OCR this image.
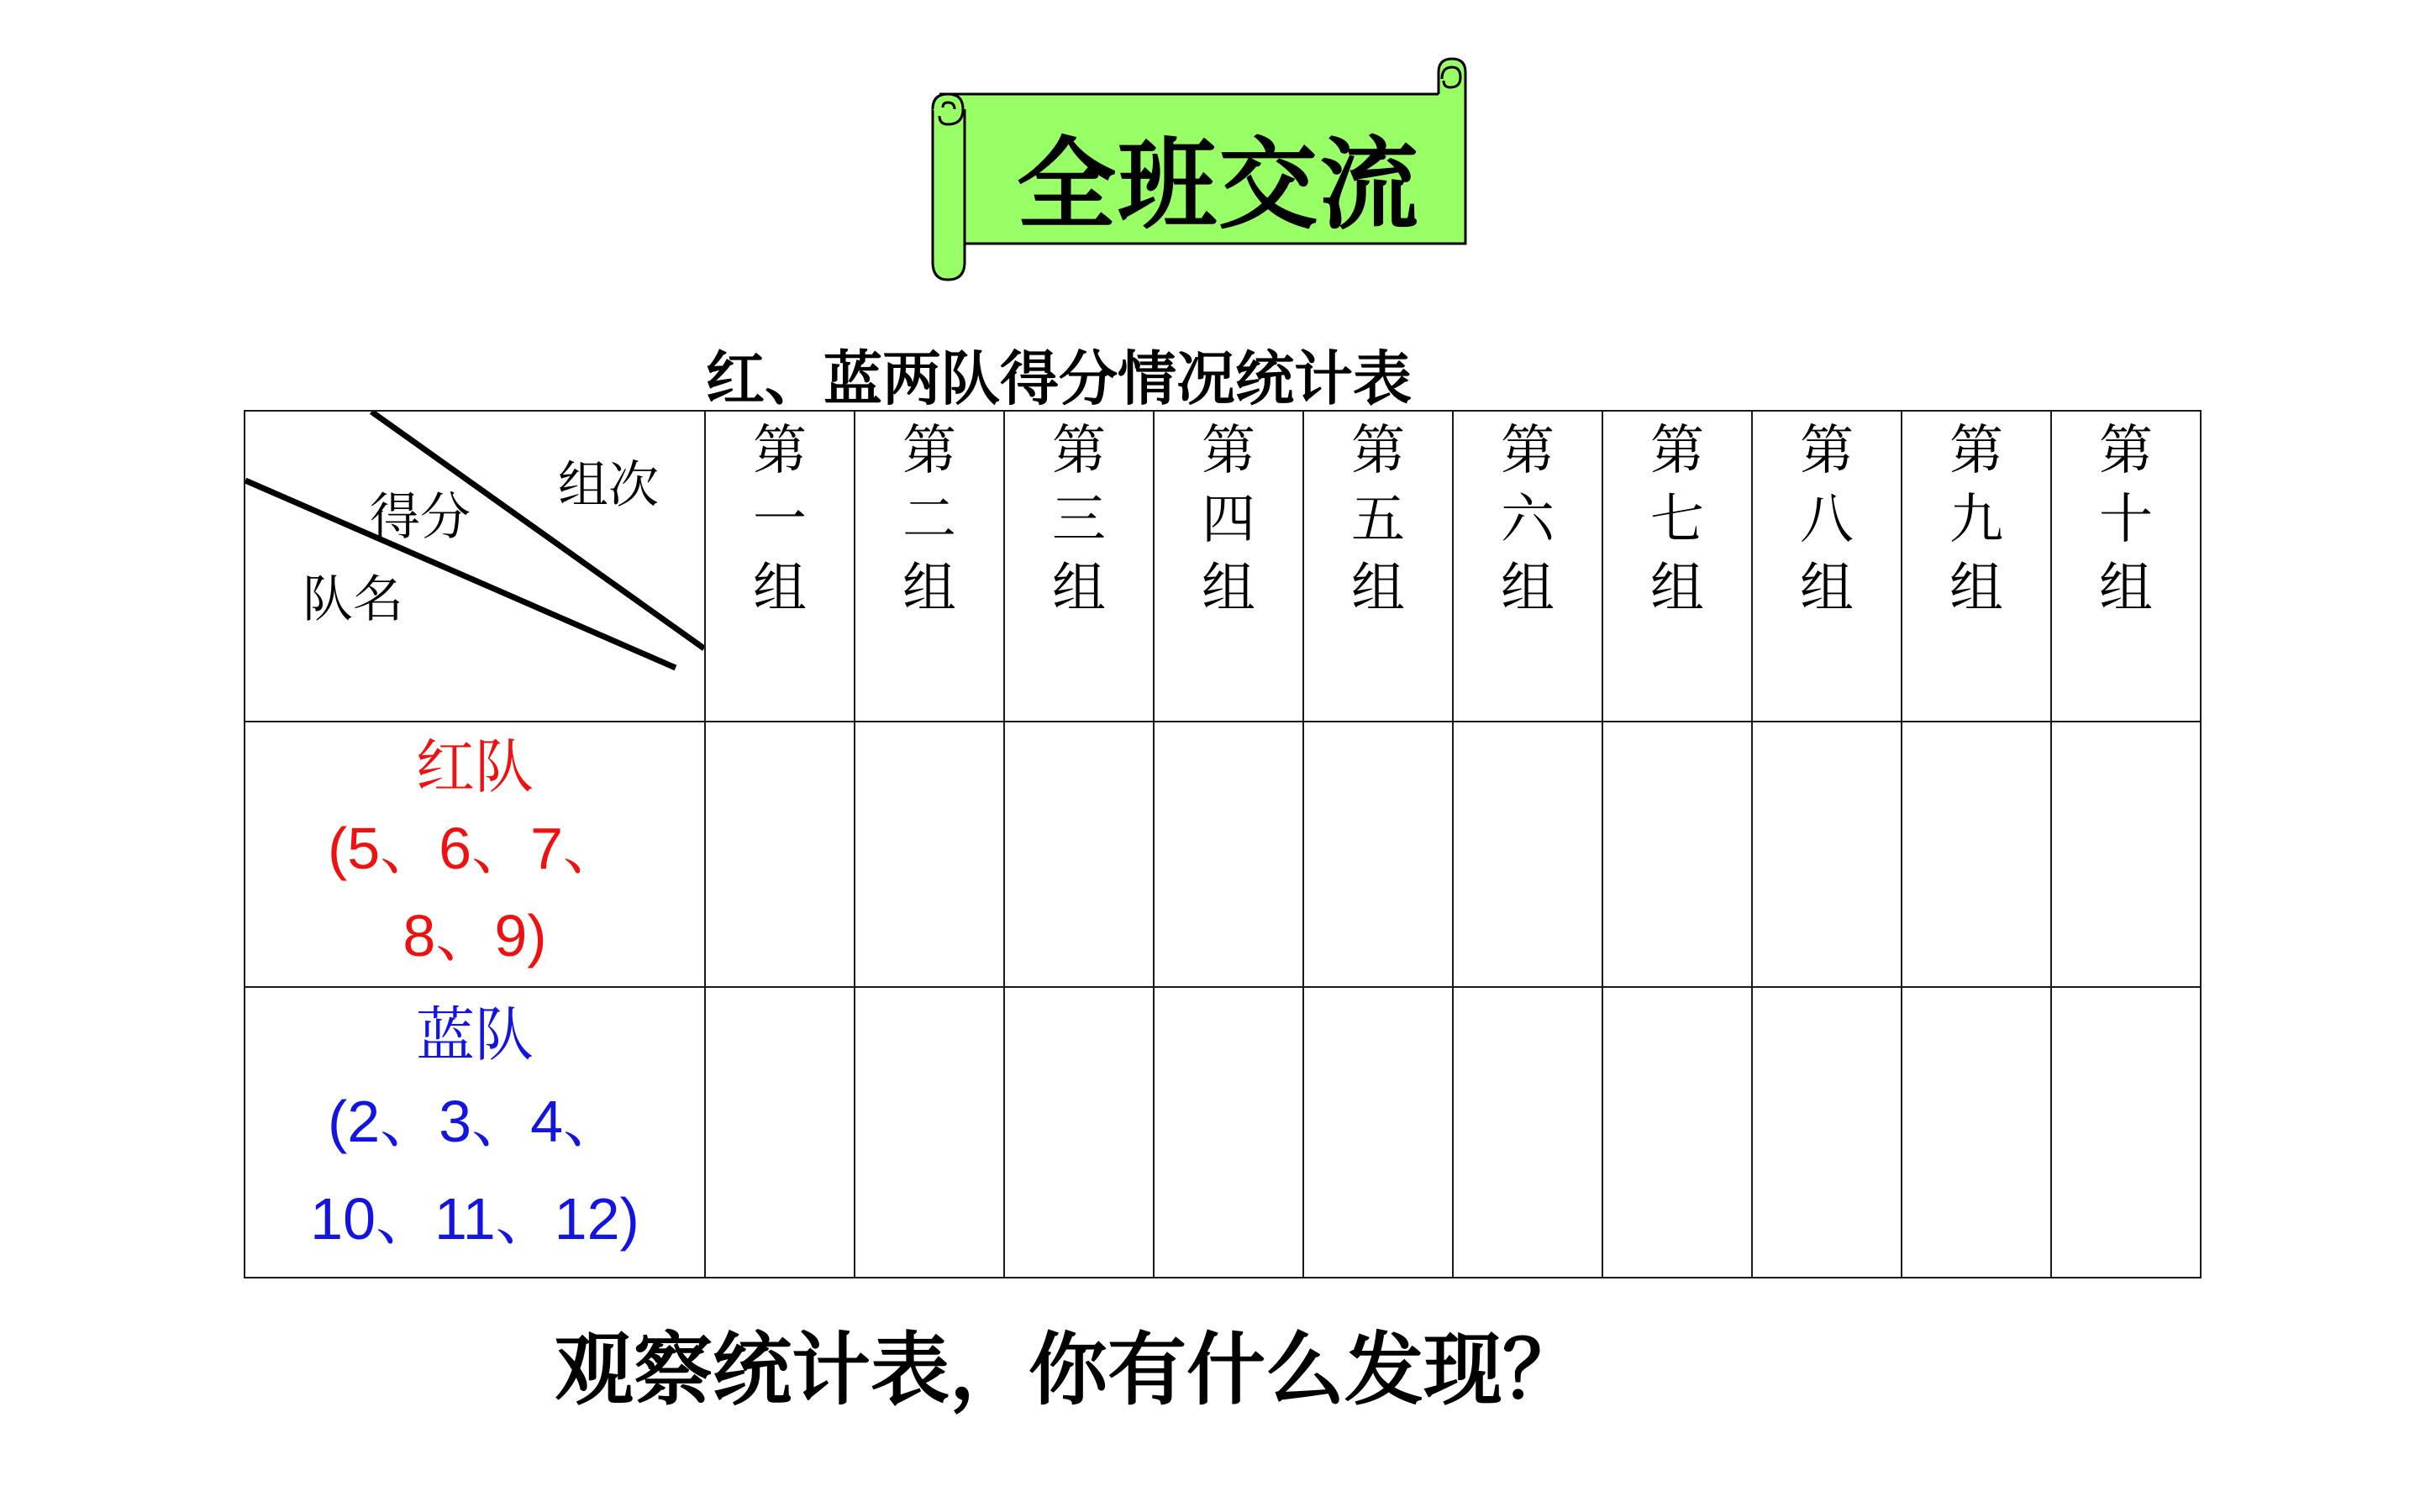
全班交流
红、蓝两队得分情况统计表
组次
得分
队名	第
一
组	第
二
组	第
三
组	第
四
组	第
五
组	第
六
组	第
七
组	第
八
组	第
九
组	第
十
组

红队
(5、6、7、
8、9)										

蓝队
(2、3、4、
10、11、12)										

观察统计表，你有什么发现？
